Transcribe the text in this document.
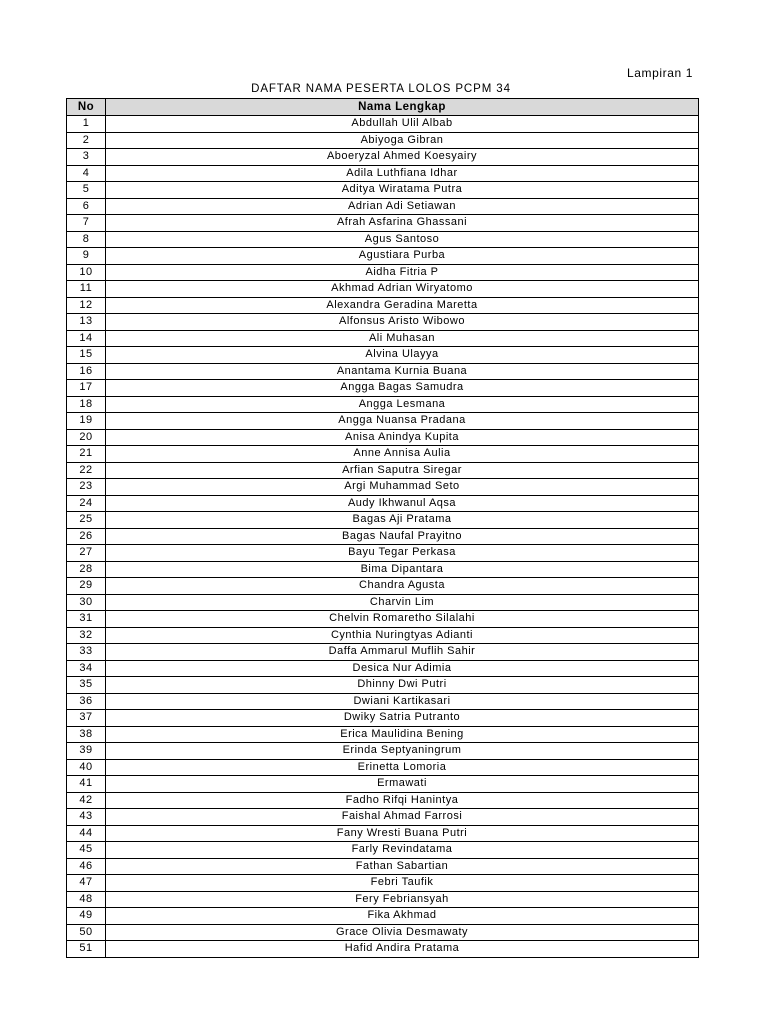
Lampiran 1
DAFTAR NAMA PESERTA LOLOS PCPM 34
No	Nama Lengkap
1	Abdullah Ulil Albab
2	Abiyoga Gibran
3	Aboeryzal Ahmed Koesyairy
4	Adila Luthfiana Idhar
5	Aditya Wiratama Putra
6	Adrian Adi Setiawan
7	Afrah Asfarina Ghassani
8	Agus Santoso
9	Agustiara Purba
10	Aidha Fitria P
11	Akhmad Adrian Wiryatomo
12	Alexandra Geradina Maretta
13	Alfonsus Aristo Wibowo
14	Ali Muhasan
15	Alvina Ulayya
16	Anantama Kurnia Buana
17	Angga Bagas Samudra
18	Angga Lesmana
19	Angga Nuansa Pradana
20	Anisa Anindya Kupita
21	Anne Annisa Aulia
22	Arfian Saputra Siregar
23	Argi Muhammad Seto
24	Audy Ikhwanul Aqsa
25	Bagas Aji Pratama
26	Bagas Naufal Prayitno
27	Bayu Tegar Perkasa
28	Bima Dipantara
29	Chandra Agusta
30	Charvin Lim
31	Chelvin Romaretho Silalahi
32	Cynthia Nuringtyas Adianti
33	Daffa Ammarul Muflih Sahir
34	Desica Nur Adimia
35	Dhinny Dwi Putri
36	Dwiani Kartikasari
37	Dwiky Satria Putranto
38	Erica Maulidina Bening
39	Erinda Septyaningrum
40	Erinetta Lomoria
41	Ermawati
42	Fadho Rifqi Hanintya
43	Faishal Ahmad Farrosi
44	Fany Wresti Buana Putri
45	Farly Revindatama
46	Fathan Sabartian
47	Febri Taufik
48	Fery Febriansyah
49	Fika Akhmad
50	Grace Olivia Desmawaty
51	Hafid Andira Pratama
